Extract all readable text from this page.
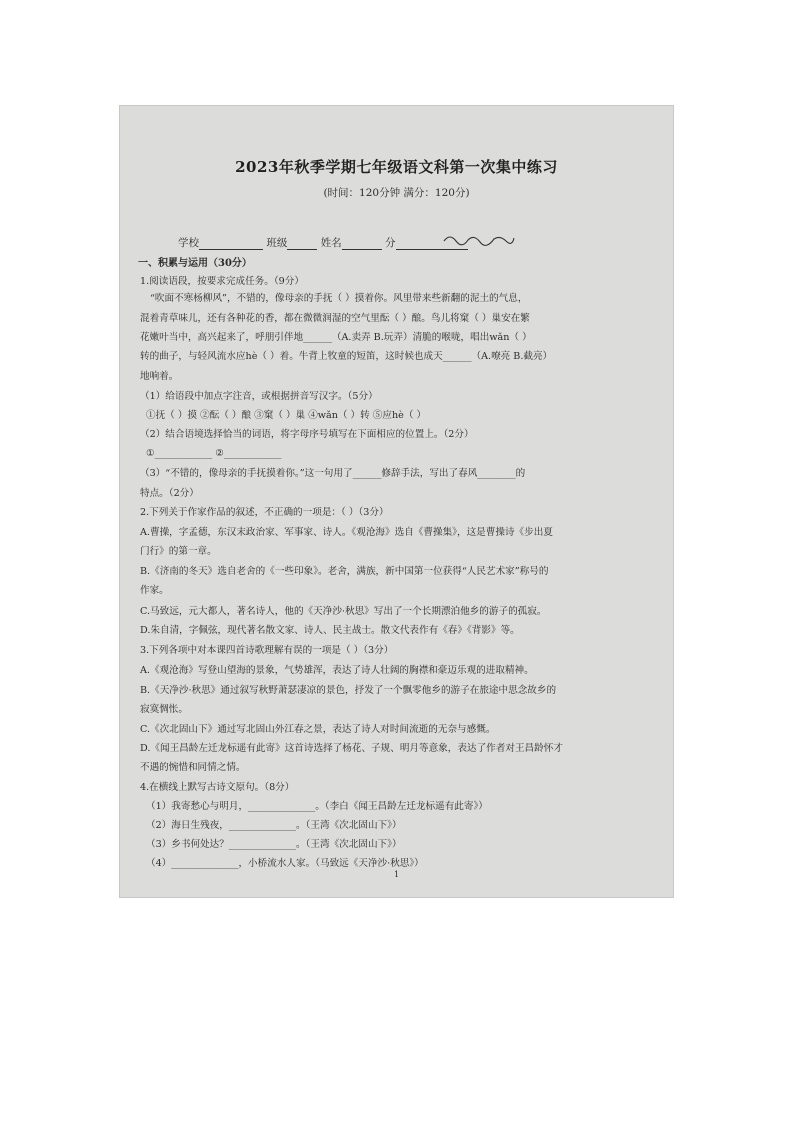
2023年秋季学期七年级语文科第一次集中练习
(时间：120分钟 满分：120分)
学校	班级	姓名	分
一、积累与运用（30分）
1.阅读语段，按要求完成任务。（9分）
“吹面不寒杨柳风”，不错的，像母亲的手抚（ ）摸着你。风里带来些新翻的泥土的气息，
混着青草味儿，还有各种花的香，都在微微润湿的空气里酝（ ）酿。鸟儿将窠（ ）巢安在繁
花嫩叶当中，高兴起来了，呼朋引伴地______（A.卖弄 B.玩弄）清脆的喉咙，唱出wǎn（ ）
转的曲子，与轻风流水应hè（ ）着。牛背上牧童的短笛，这时候也成天______（A.嘹亮 B.截亮）
地响着。
（1）给语段中加点字注音，或根据拼音写汉字。（5分）
①抚（ ）摸 ②酝（ ）酿 ③窠（ ）巢 ④wǎn（ ）转 ⑤应hè（ ）
（2）结合语境选择恰当的词语，将字母序号填写在下面相应的位置上。（2分）
①____________ ②____________
（3）“不错的，像母亲的手抚摸着你。”这一句用了______修辞手法，写出了春风________的
特点。（2分）
2.下列关于作家作品的叙述，不正确的一项是：（ ）（3分）
A.曹操，字孟德，东汉末政治家、军事家、诗人。《观沧海》选自《曹操集》，这是曹操诗《步出夏
门行》的第一章。
B.《济南的冬天》选自老舍的《一些印象》。老舍，满族，新中国第一位获得“人民艺术家”称号的
作家。
C.马致远，元大都人，著名诗人，他的《天净沙·秋思》写出了一个长期漂泊他乡的游子的孤寂。
D.朱自清，字佩弦，现代著名散文家、诗人、民主战士。散文代表作有《春》《背影》等。
3.下列各项中对本课四首诗歌理解有误的一项是（ ）（3分）
A.《观沧海》写登山望海的景象，气势雄浑，表达了诗人壮阔的胸襟和豪迈乐观的进取精神。
B.《天净沙·秋思》通过叙写秋野萧瑟凄凉的景色，抒发了一个飘零他乡的游子在旅途中思念故乡的
寂寞惆怅。
C.《次北固山下》通过写北固山外江春之景，表达了诗人对时间流逝的无奈与感慨。
D.《闻王昌龄左迁龙标遥有此寄》这首诗选择了杨花、子规、明月等意象，表达了作者对王昌龄怀才
不遇的惋惜和同情之情。
4.在横线上默写古诗文原句。（8分）
（1）我寄愁心与明月，______________。（李白《闻王昌龄左迁龙标遥有此寄》）
（2）海日生残夜，______________。（王湾《次北固山下》）
（3）乡书何处达？______________。（王湾《次北固山下》）
（4）______________，小桥流水人家。（马致远《天净沙·秋思》）
1
